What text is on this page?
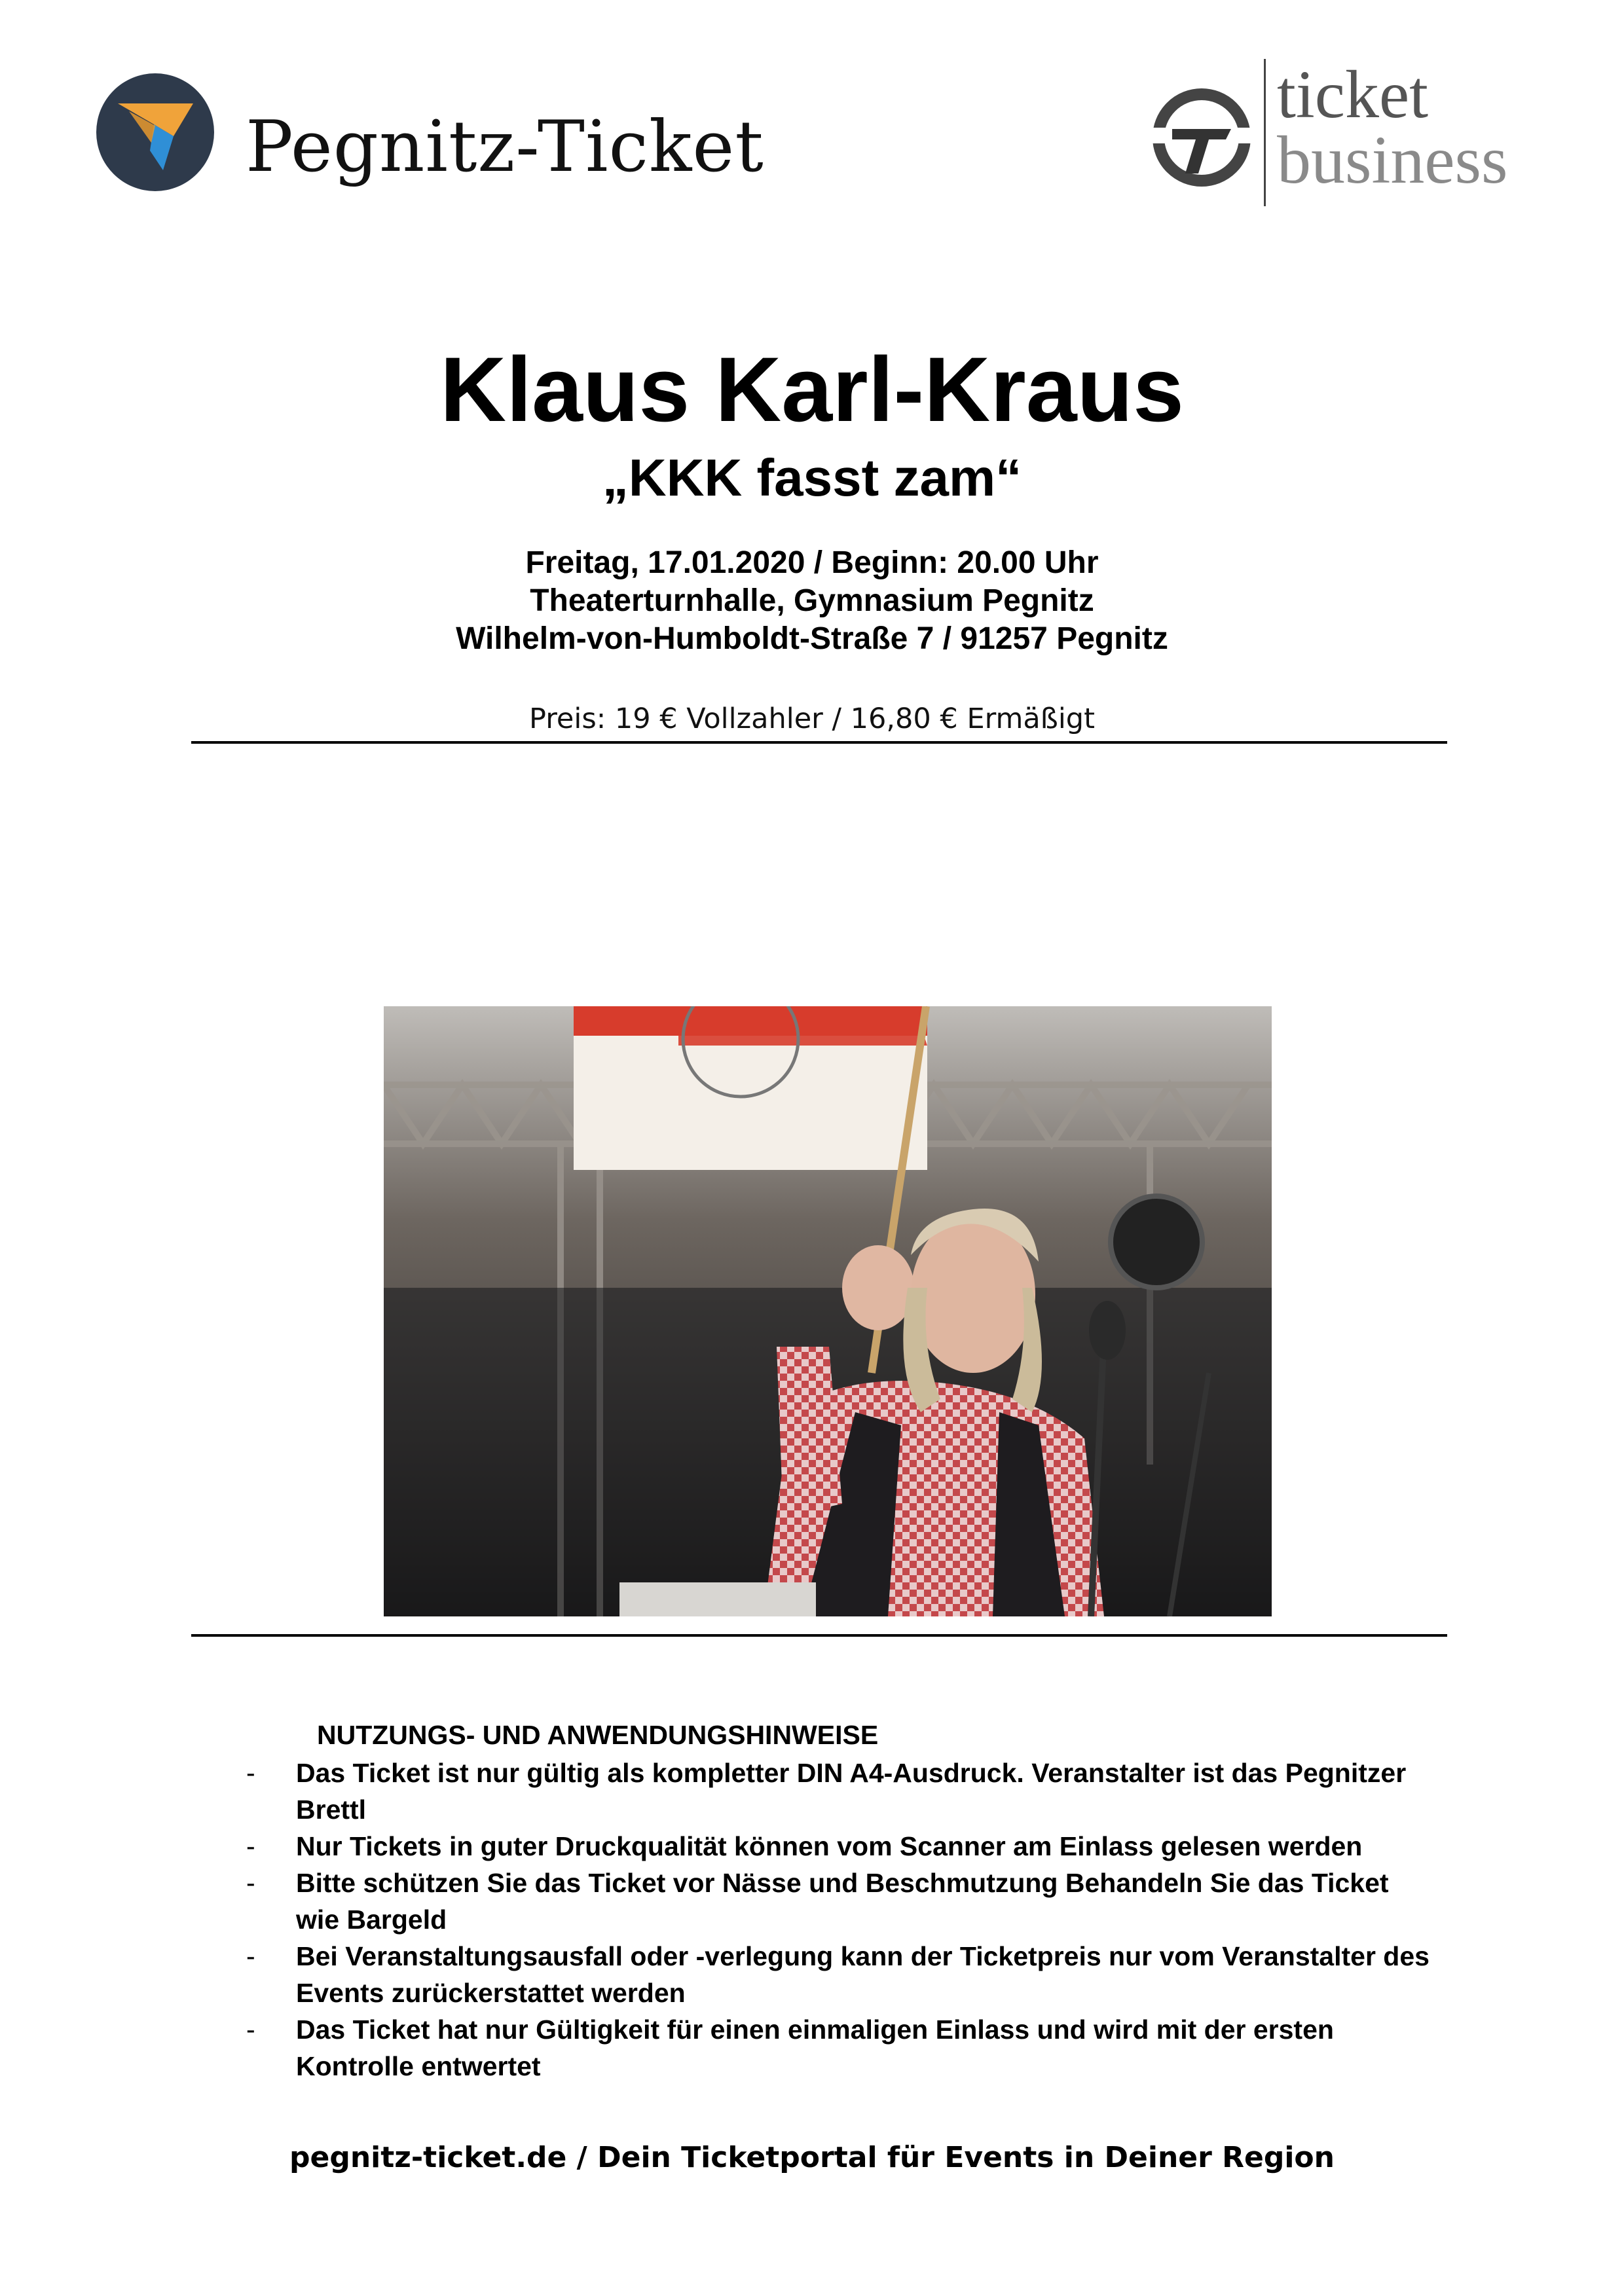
Pegnitz-Ticket
ticket
business
Klaus Karl-Kraus
„KKK fasst zam“
Freitag, 17.01.2020 / Beginn: 20.00 Uhr
Theaterturnhalle, Gymnasium Pegnitz
Wilhelm-von-Humboldt-Straße 7 / 91257 Pegnitz
Preis: 19 € Vollzahler / 16,80 € Ermäßigt
NUTZUNGS- UND ANWENDUNGSHINWEISE
- Das Ticket ist nur gültig als kompletter DIN A4-Ausdruck. Veranstalter ist das Pegnitzer Brettl
- Nur Tickets in guter Druckqualität können vom Scanner am Einlass gelesen werden
- Bitte schützen Sie das Ticket vor Nässe und Beschmutzung Behandeln Sie das Ticket wie Bargeld
- Bei Veranstaltungsausfall oder -verlegung kann der Ticketpreis nur vom Veranstalter des Events zurückerstattet werden
- Das Ticket hat nur Gültigkeit für einen einmaligen Einlass und wird mit der ersten Kontrolle entwertet
pegnitz-ticket.de / Dein Ticketportal für Events in Deiner Region
